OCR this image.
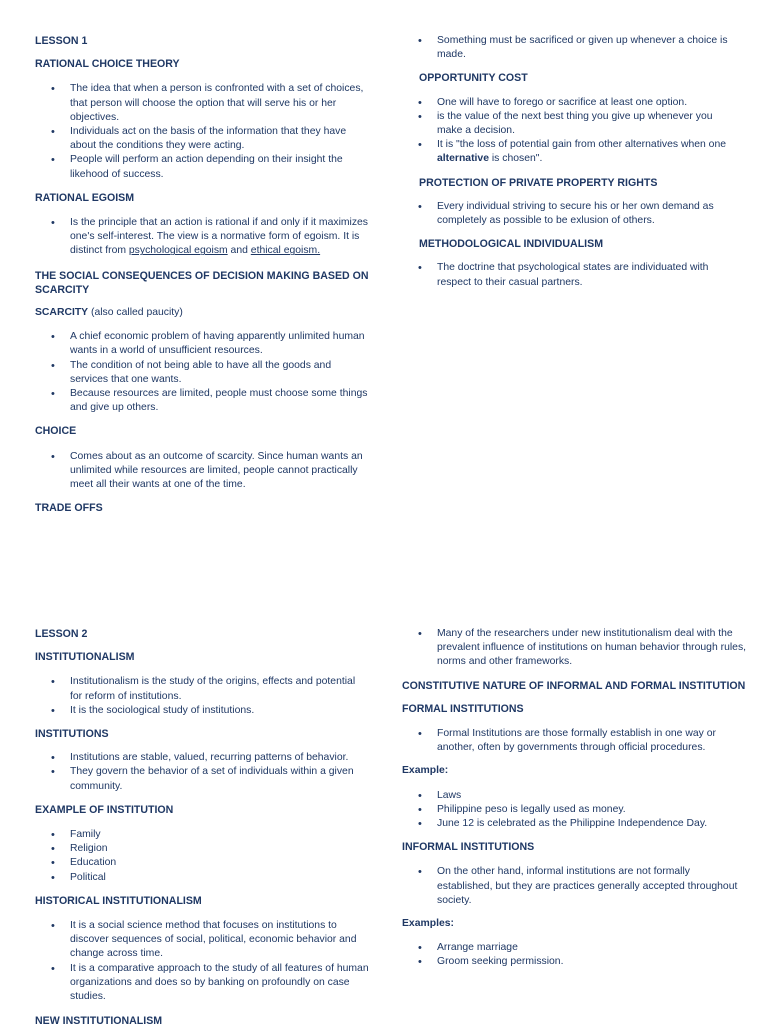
LESSON 1
RATIONAL CHOICE THEORY
• The idea that when a person is confronted with a set of choices, that person will choose the option that will serve his or her objectives.
• Individuals act on the basis of the information that they have about the conditions they were acting.
• People will perform an action depending on their insight the likehood of success.
RATIONAL EGOISM
• Is the principle that an action is rational if and only if it maximizes one's self-interest. The view is a normative form of egoism. It is distinct from psychological egoism and ethical egoism.
THE SOCIAL CONSEQUENCES OF DECISION MAKING BASED ON SCARCITY
SCARCITY (also called paucity)
• A chief economic problem of having apparently unlimited human wants in a world of unsufficient resources.
• The condition of not being able to have all the goods and services that one wants.
• Because resources are limited, people must choose some things and give up others.
CHOICE
• Comes about as an outcome of scarcity. Since human wants an unlimited while resources are limited, people cannot practically meet all their wants at one of the time.
TRADE OFFS
• Something must be sacrificed or given up whenever a choice is made.
OPPORTUNITY COST
• One will have to forego or sacrifice at least one option.
• is the value of the next best thing you give up whenever you make a decision.
• It is "the loss of potential gain from other alternatives when one alternative is chosen".
PROTECTION OF PRIVATE PROPERTY RIGHTS
• Every individual striving to secure his or her own demand as completely as possible to be exlusion of others.
METHODOLOGICAL INDIVIDUALISM
• The doctrine that psychological states are individuated with respect to their casual partners.
LESSON 2
INSTITUTIONALISM
• Institutionalism is the study of the origins, effects and potential for reform of institutions.
• It is the sociological study of institutions.
INSTITUTIONS
• Institutions are stable, valued, recurring patterns of behavior.
• They govern the behavior of a set of individuals within a given community.
EXAMPLE OF INSTITUTION
• Family
• Religion
• Education
• Political
HISTORICAL INSTITUTIONALISM
• It is a social science method that focuses on institutions to discover sequences of social, political, economic behavior and change across time.
• It is a comparative approach to the study of all features of human organizations and does so by banking on profoundly on case studies.
NEW INSTITUTIONALISM
• Many of the researchers under new institutionalism deal with the prevalent influence of institutions on human behavior through rules, norms and other frameworks.
CONSTITUTIVE NATURE OF INFORMAL AND FORMAL INSTITUTION
FORMAL INSTITUTIONS
• Formal Institutions are those formally establish in one way or another, often by governments through official procedures.
Example:
• Laws
• Philippine peso is legally used as money.
• June 12 is celebrated as the Philippine Independence Day.
INFORMAL INSTITUTIONS
• On the other hand, informal institutions are not formally established, but they are practices generally accepted throughout society.
Examples:
• Arrange marriage
• Groom seeking permission.
